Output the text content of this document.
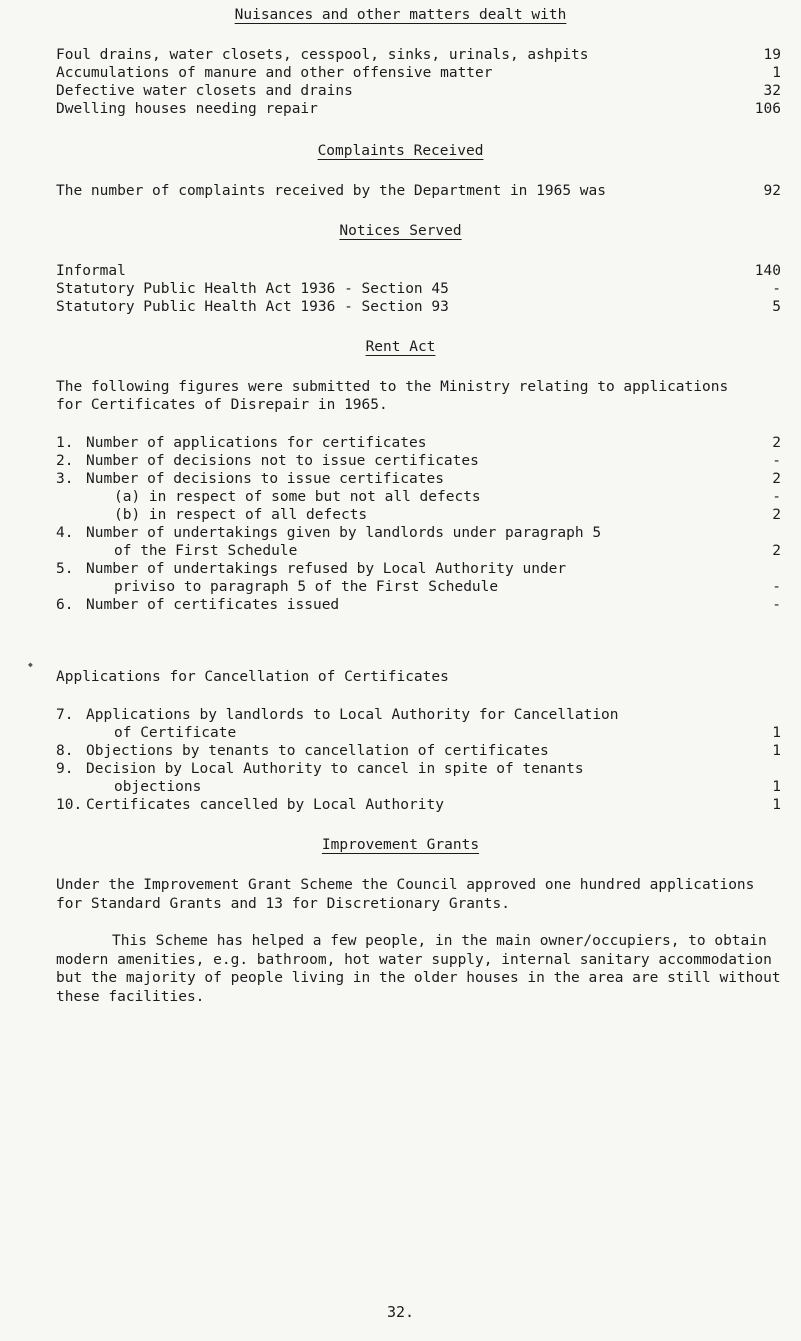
Nuisances and other matters dealt with
Foul drains, water closets, cesspool, sinks, urinals, ashpits	19
Accumulations of manure and other offensive matter	1
Defective water closets and drains	32
Dwelling houses needing repair	106
Complaints Received
The number of complaints received by the Department in 1965 was	92
Notices Served
Informal	140
Statutory Public Health Act 1936 - Section 45	-
Statutory Public Health Act 1936 - Section 93	5
Rent Act
The following figures were submitted to the Ministry relating to applications
for Certificates of Disrepair in 1965.
1. Number of applications for certificates	2
2. Number of decisions not to issue certificates	-
3. Number of decisions to issue certificates	2
(a) in respect of some but not all defects	-
(b) in respect of all defects	2
4. Number of undertakings given by landlords under paragraph 5
of the First Schedule	2
5. Number of undertakings refused by Local Authority under
priviso to paragraph 5 of the First Schedule	-
6. Number of certificates issued	-
◆
Applications for Cancellation of Certificates
7. Applications by landlords to Local Authority for Cancellation
of Certificate	1
8. Objections by tenants to cancellation of certificates	1
9. Decision by Local Authority to cancel in spite of tenants
objections	1
10. Certificates cancelled by Local Authority	1
Improvement Grants
Under the Improvement Grant Scheme the Council approved one hundred applications for Standard Grants and 13 for Discretionary Grants.
This Scheme has helped a few people, in the main owner/occupiers, to obtain modern amenities, e.g. bathroom, hot water supply, internal sanitary accommodation but the majority of people living in the older houses in the area are still without these facilities.
32.
